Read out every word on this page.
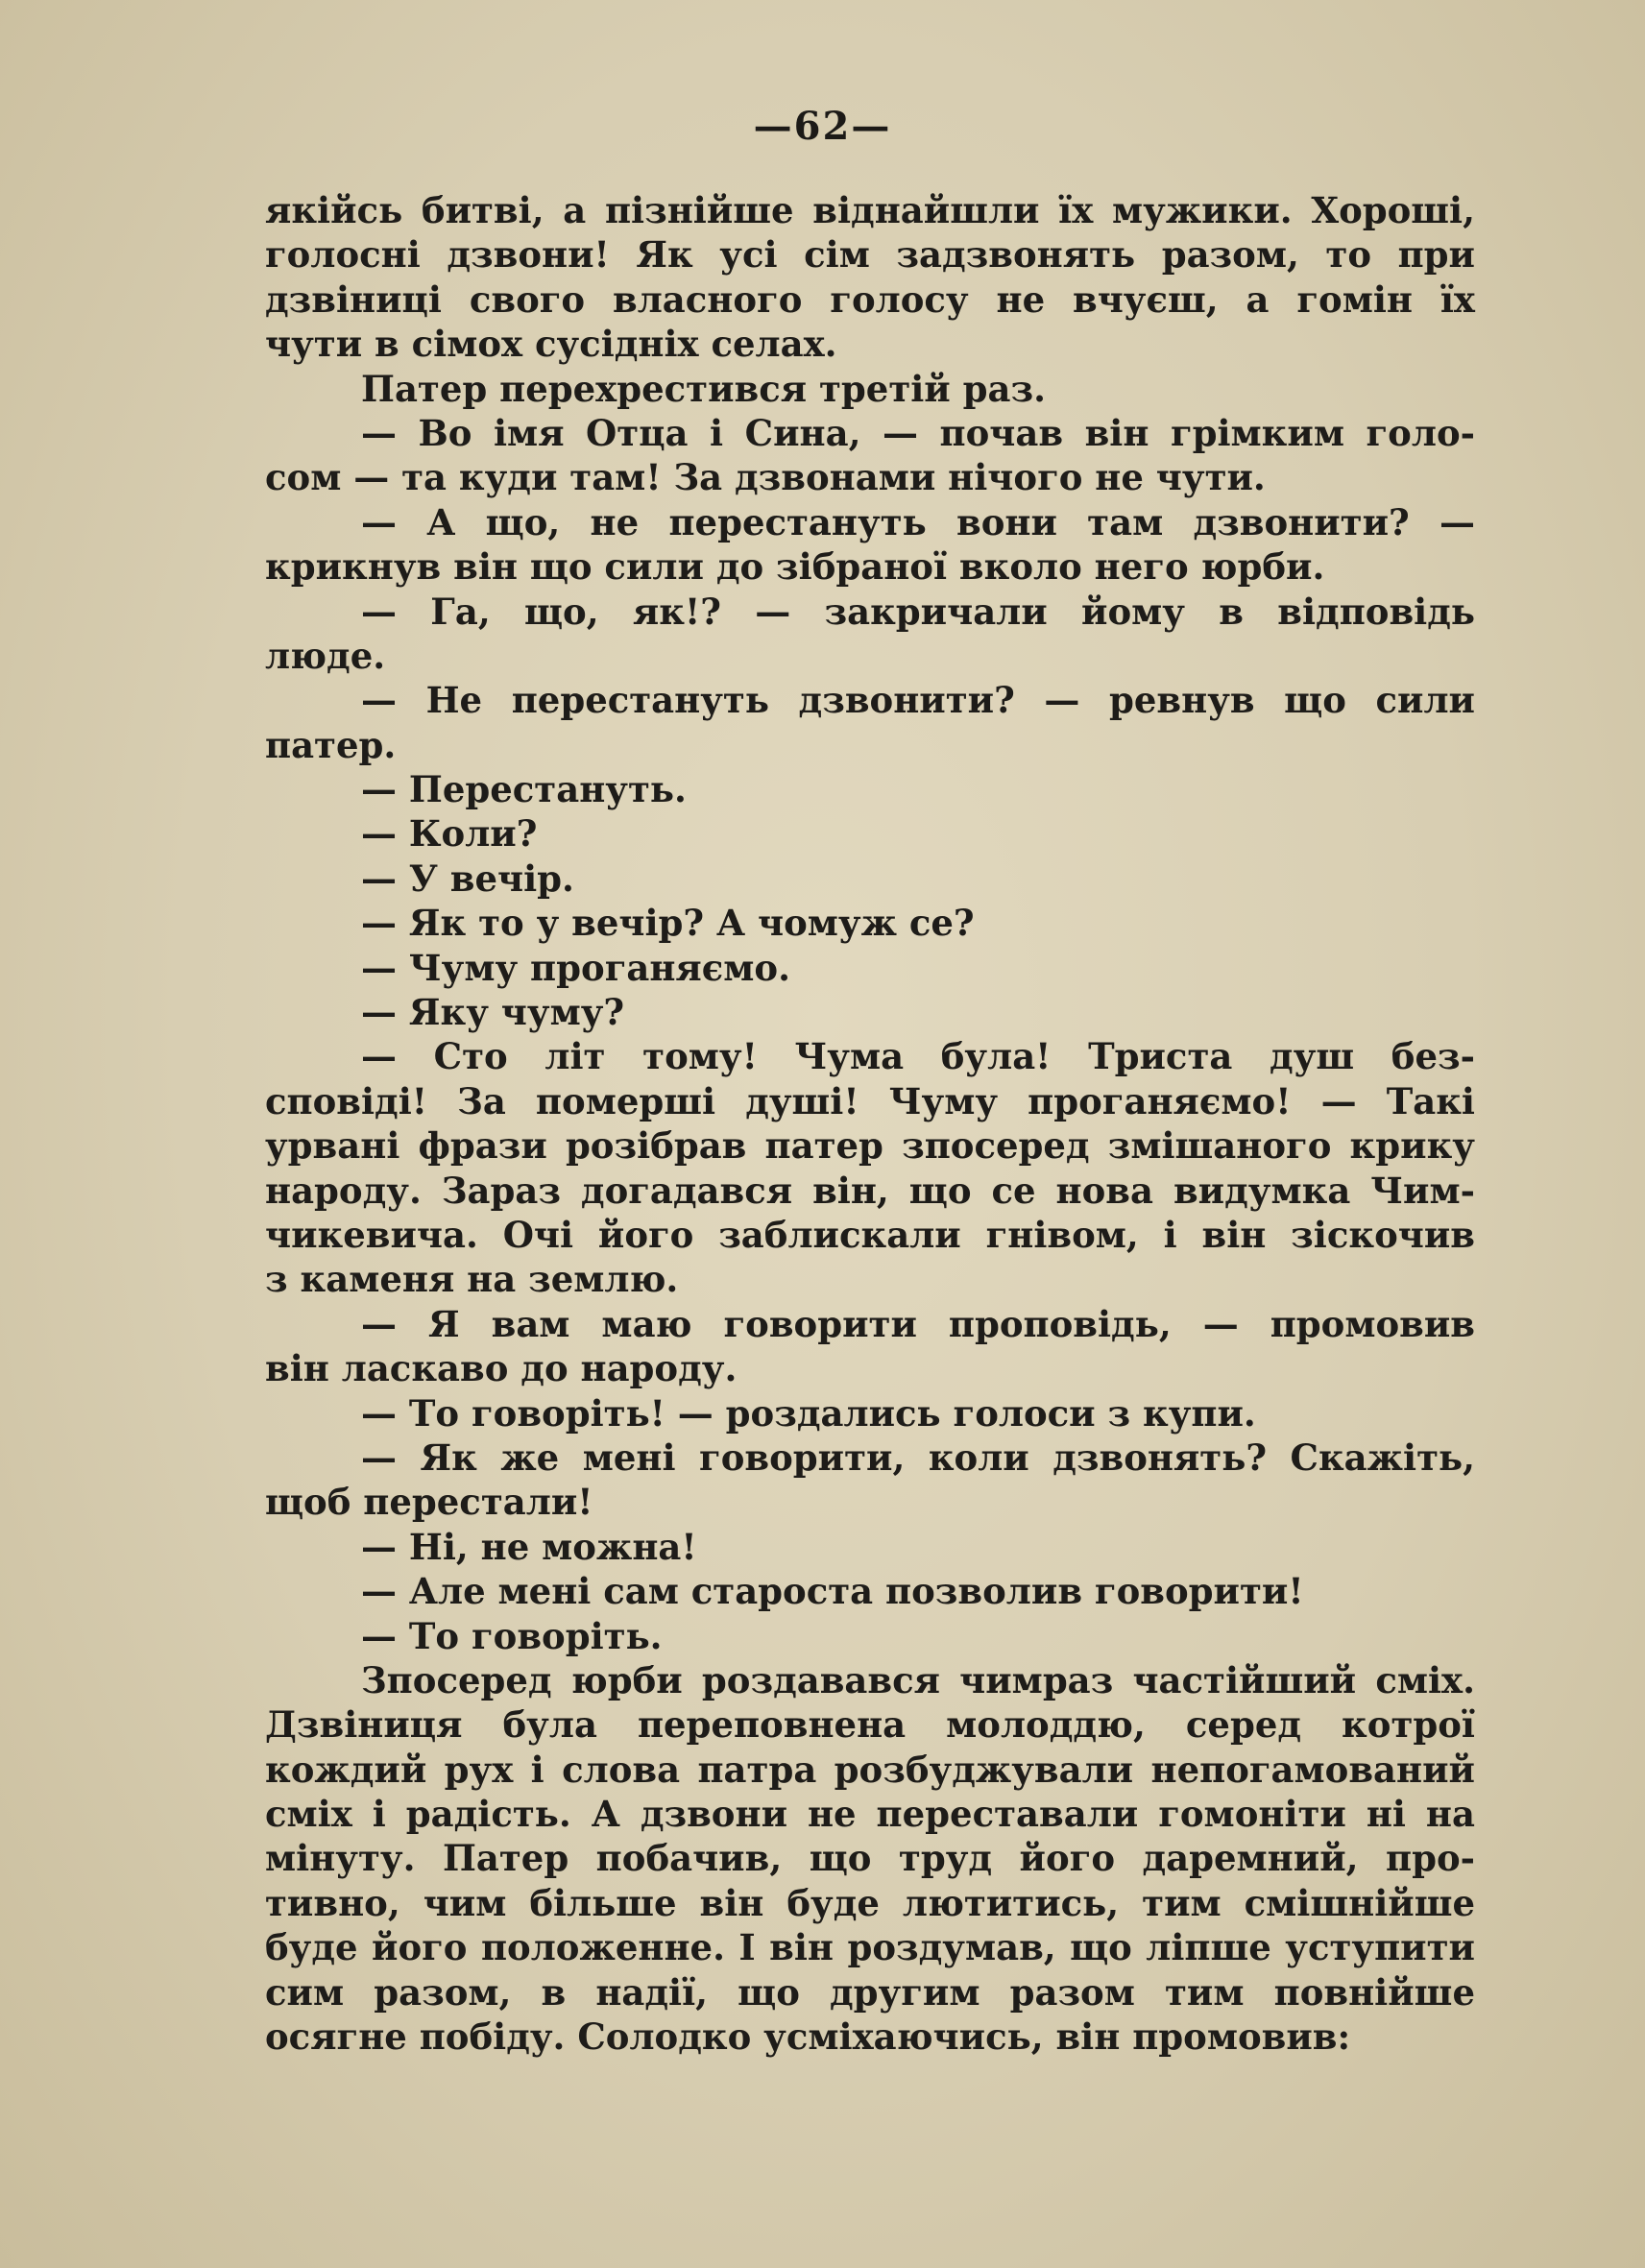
—62—
якійсь битві, а пізнійше віднайшли їх мужики. Хороші,
голосні дзвони! Як усі сім задзвонять разом, то при
дзвіниці свого власного голосу не вчуєш, а гомін їх
чути в сімох сусідніх селах.
Патер перехрестився третій раз.
— Во імя Отца і Сина, — почав він грімким голо-
сом — та куди там! За дзвонами нічого не чути.
— А що, не перестануть вони там дзвонити? —
крикнув він що сили до зібраної вколо него юрби.
— Га, що, як!? — закричали йому в відповідь
люде.
— Не перестануть дзвонити? — ревнув що сили
патер.
— Перестануть.
— Коли?
— У вечір.
— Як то у вечір? А чомуж се?
— Чуму проганяємо.
— Яку чуму?
— Сто літ тому! Чума була! Триста душ без-
сповіді! За померші душі! Чуму проганяємо! — Такі
урвані фрази розібрав патер зпосеред змішаного крику
народу. Зараз догадався він, що се нова видумка Чим-
чикевича. Очі його заблискали гнівом, і він зіскочив
з каменя на землю.
— Я вам маю говорити проповідь, — промовив
він ласкаво до народу.
— То говоріть! — роздались голоси з купи.
— Як же мені говорити, коли дзвонять? Скажіть,
щоб перестали!
— Ні, не можна!
— Але мені сам староста позволив говорити!
— То говоріть.
Зпосеред юрби роздавався чимраз частійший сміх.
Дзвіниця була переповнена молоддю, серед котрої
кождий рух і слова патра розбуджували непогамований
сміх і радість. А дзвони не переставали гомоніти ні на
мінуту. Патер побачив, що труд його даремний, про-
тивно, чим більше він буде лютитись, тим смішнійше
буде його положенне. І він роздумав, що ліпше уступити
сим разом, в надії, що другим разом тим повнійше
осягне побіду. Солодко усміхаючись, він промовив:
